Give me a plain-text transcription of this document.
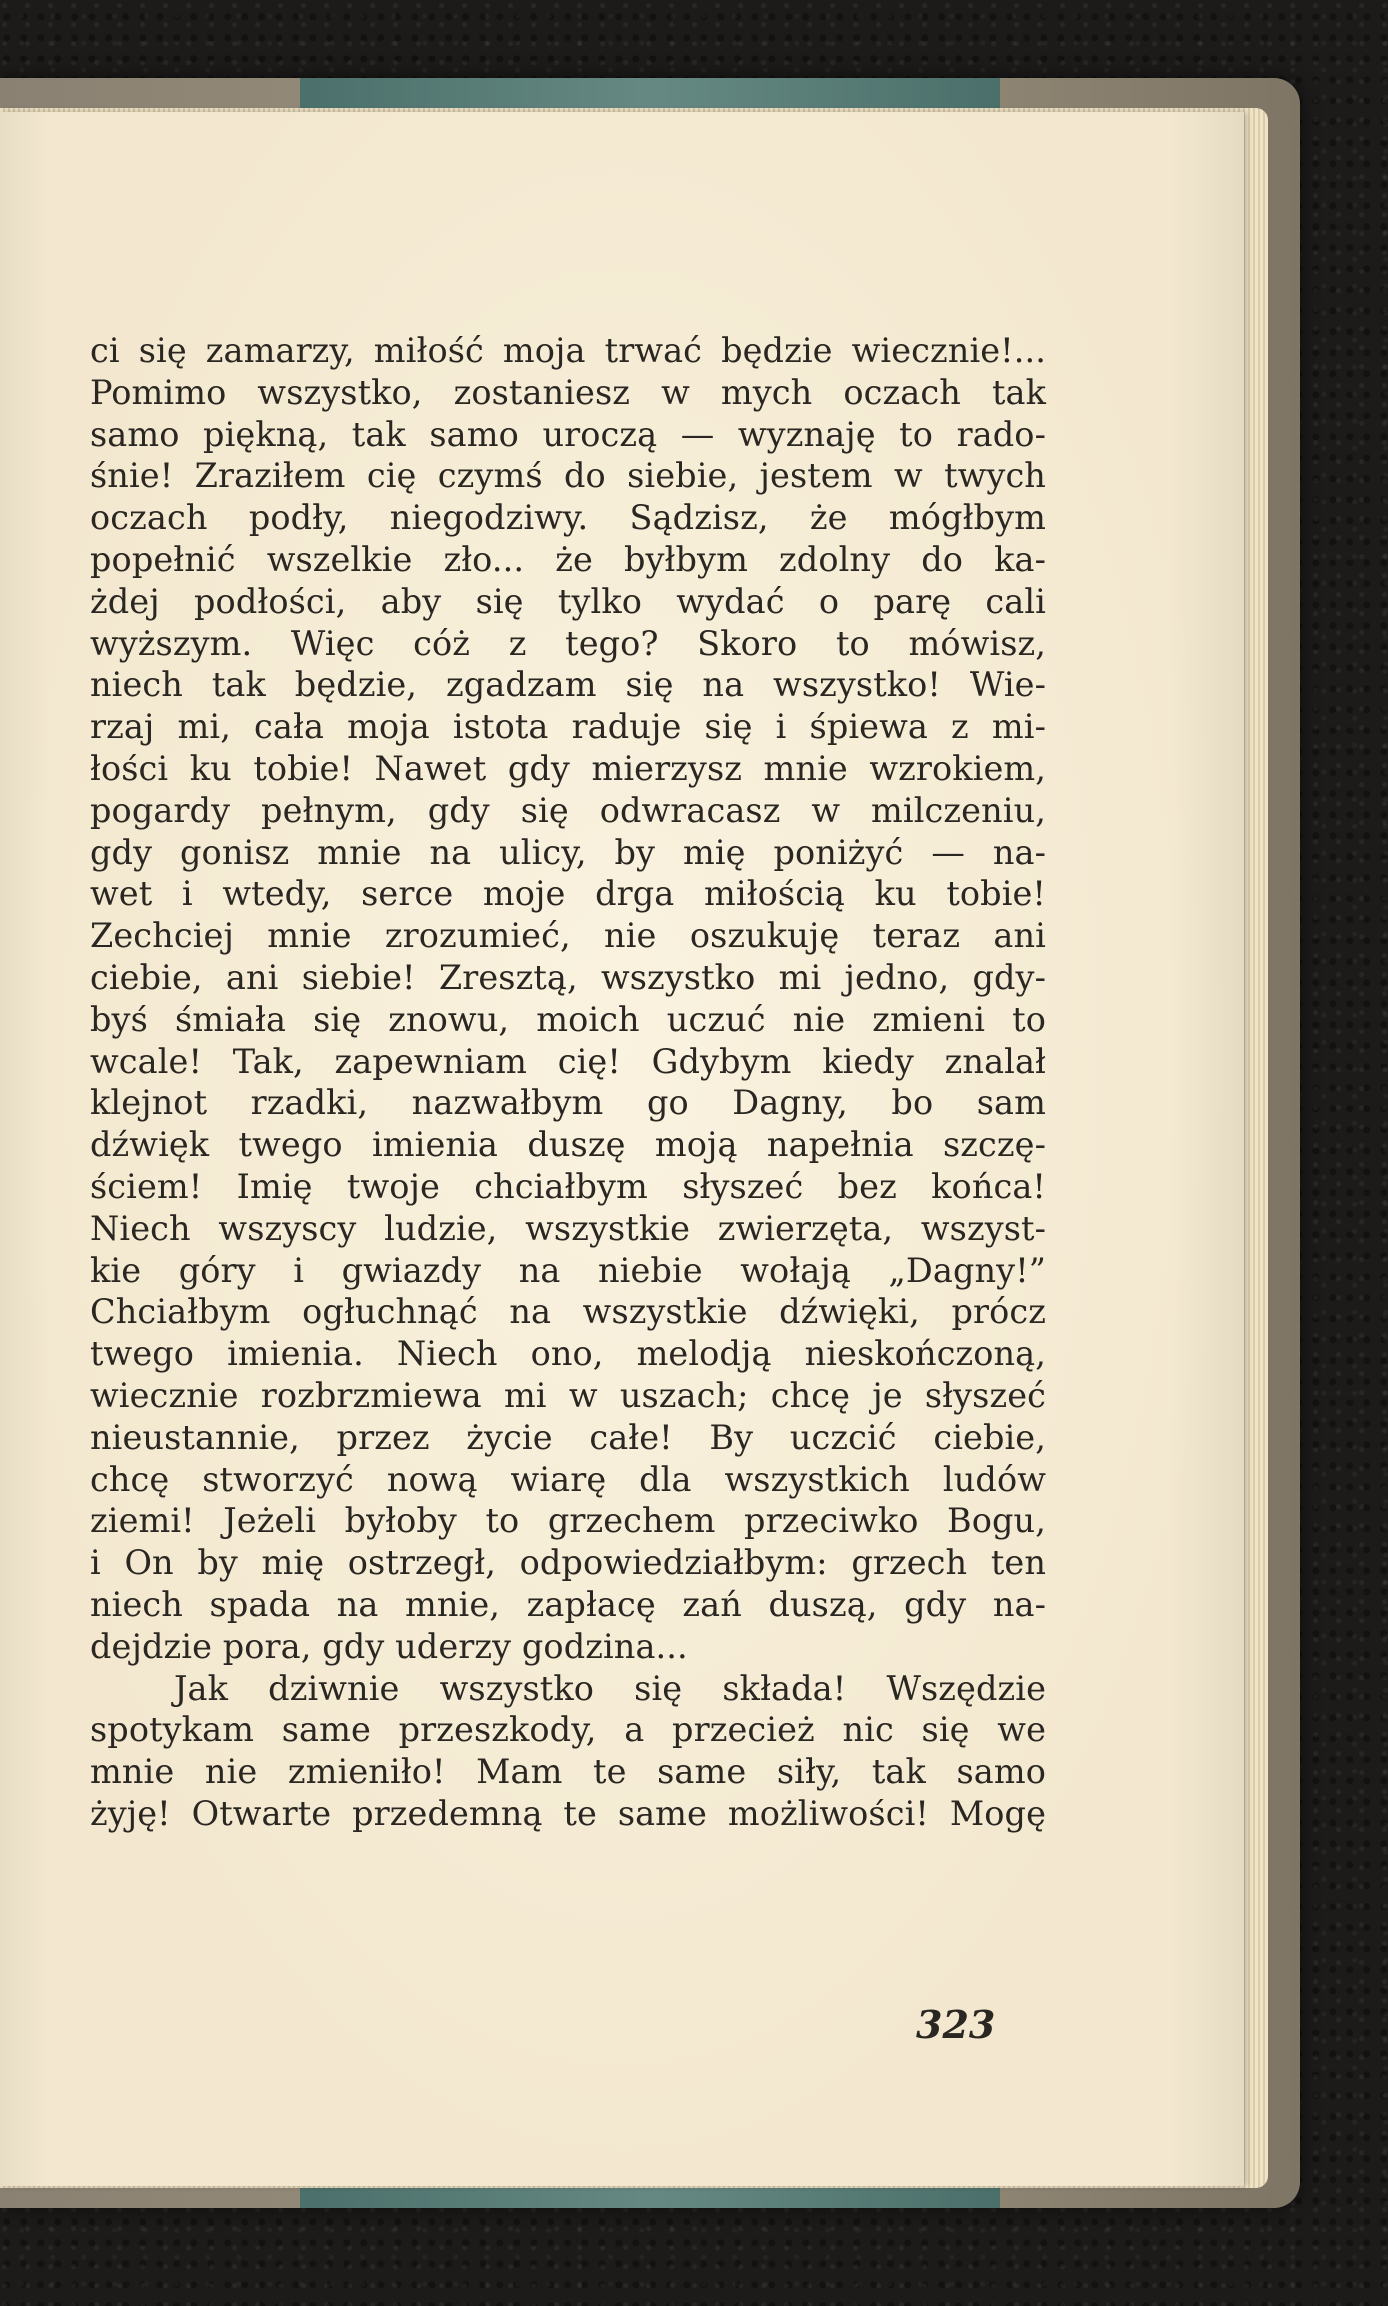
ci się zamarzy, miłość moja trwać będzie wiecznie!...
Pomimo wszystko, zostaniesz w mych oczach tak
samo piękną, tak samo uroczą — wyznaję to rado-
śnie! Zraziłem cię czymś do siebie, jestem w twych
oczach podły, niegodziwy. Sądzisz, że mógłbym
popełnić wszelkie zło... że byłbym zdolny do ka-
żdej podłości, aby się tylko wydać o parę cali
wyższym. Więc cóż z tego? Skoro to mówisz,
niech tak będzie, zgadzam się na wszystko! Wie-
rzaj mi, cała moja istota raduje się i śpiewa z mi-
łości ku tobie! Nawet gdy mierzysz mnie wzrokiem,
pogardy pełnym, gdy się odwracasz w milczeniu,
gdy gonisz mnie na ulicy, by mię poniżyć — na-
wet i wtedy, serce moje drga miłością ku tobie!
Zechciej mnie zrozumieć, nie oszukuję teraz ani
ciebie, ani siebie! Zresztą, wszystko mi jedno, gdy-
byś śmiała się znowu, moich uczuć nie zmieni to
wcale! Tak, zapewniam cię! Gdybym kiedy znalał
klejnot rzadki, nazwałbym go Dagny, bo sam
dźwięk twego imienia duszę moją napełnia szczę-
ściem! Imię twoje chciałbym słyszeć bez końca!
Niech wszyscy ludzie, wszystkie zwierzęta, wszyst-
kie góry i gwiazdy na niebie wołają „Dagny!”
Chciałbym ogłuchnąć na wszystkie dźwięki, prócz
twego imienia. Niech ono, melodją nieskończoną,
wiecznie rozbrzmiewa mi w uszach; chcę je słyszeć
nieustannie, przez życie całe! By uczcić ciebie,
chcę stworzyć nową wiarę dla wszystkich ludów
ziemi! Jeżeli byłoby to grzechem przeciwko Bogu,
i On by mię ostrzegł, odpowiedziałbym: grzech ten
niech spada na mnie, zapłacę zań duszą, gdy na-
dejdzie pora, gdy uderzy godzina...
Jak dziwnie wszystko się składa! Wszędzie
spotykam same przeszkody, a przecież nic się we
mnie nie zmieniło! Mam te same siły, tak samo
żyję! Otwarte przedemną te same możliwości! Mogę
323
